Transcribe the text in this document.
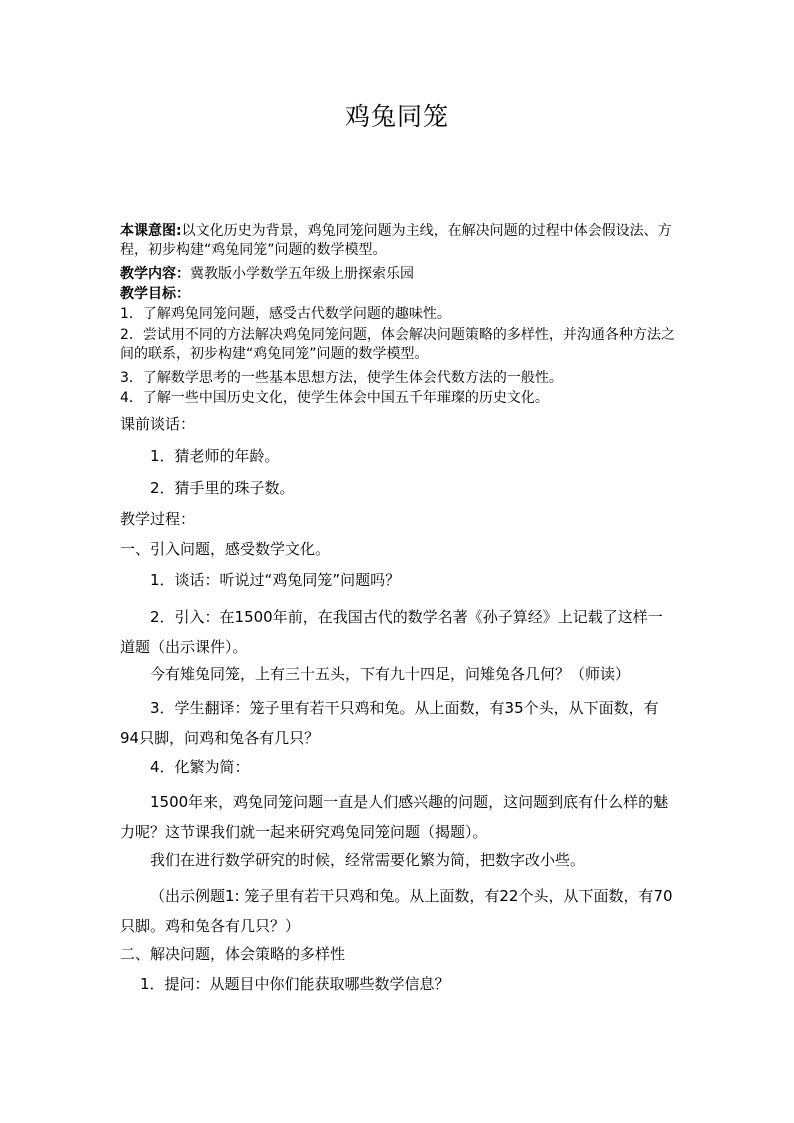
鸡兔同笼
本课意图:以文化历史为背景，鸡兔同笼问题为主线，在解决问题的过程中体会假设法、方程，初步构建“鸡兔同笼”问题的数学模型。
教学内容：冀教版小学数学五年级上册探索乐园
教学目标：
1．了解鸡兔同笼问题，感受古代数学问题的趣味性。
2．尝试用不同的方法解决鸡兔同笼问题，体会解决问题策略的多样性，并沟通各种方法之间的联系，初步构建“鸡兔同笼”问题的数学模型。
3．了解数学思考的一些基本思想方法，使学生体会代数方法的一般性。
4．了解一些中国历史文化，使学生体会中国五千年璀璨的历史文化。
课前谈话：
1．猜老师的年龄。
2．猜手里的珠子数。
教学过程：
一、引入问题，感受数学文化。
1．谈话：听说过“鸡兔同笼”问题吗？
2．引入：在1500年前，在我国古代的数学名著《孙子算经》上记载了这样一道题（出示课件）。
今有雉兔同笼，上有三十五头，下有九十四足，问雉兔各几何？（师读）
3．学生翻译：笼子里有若干只鸡和兔。从上面数，有35个头，从下面数，有94只脚，问鸡和兔各有几只？
4．化繁为简：
1500年来，鸡兔同笼问题一直是人们感兴趣的问题，这问题到底有什么样的魅力呢？这节课我们就一起来研究鸡兔同笼问题（揭题）。
我们在进行数学研究的时候，经常需要化繁为简，把数字改小些。
（出示例题1: 笼子里有若干只鸡和兔。从上面数，有22个头，从下面数，有70只脚。鸡和兔各有几只？）
二、解决问题，体会策略的多样性
1．提问：从题目中你们能获取哪些数学信息？
